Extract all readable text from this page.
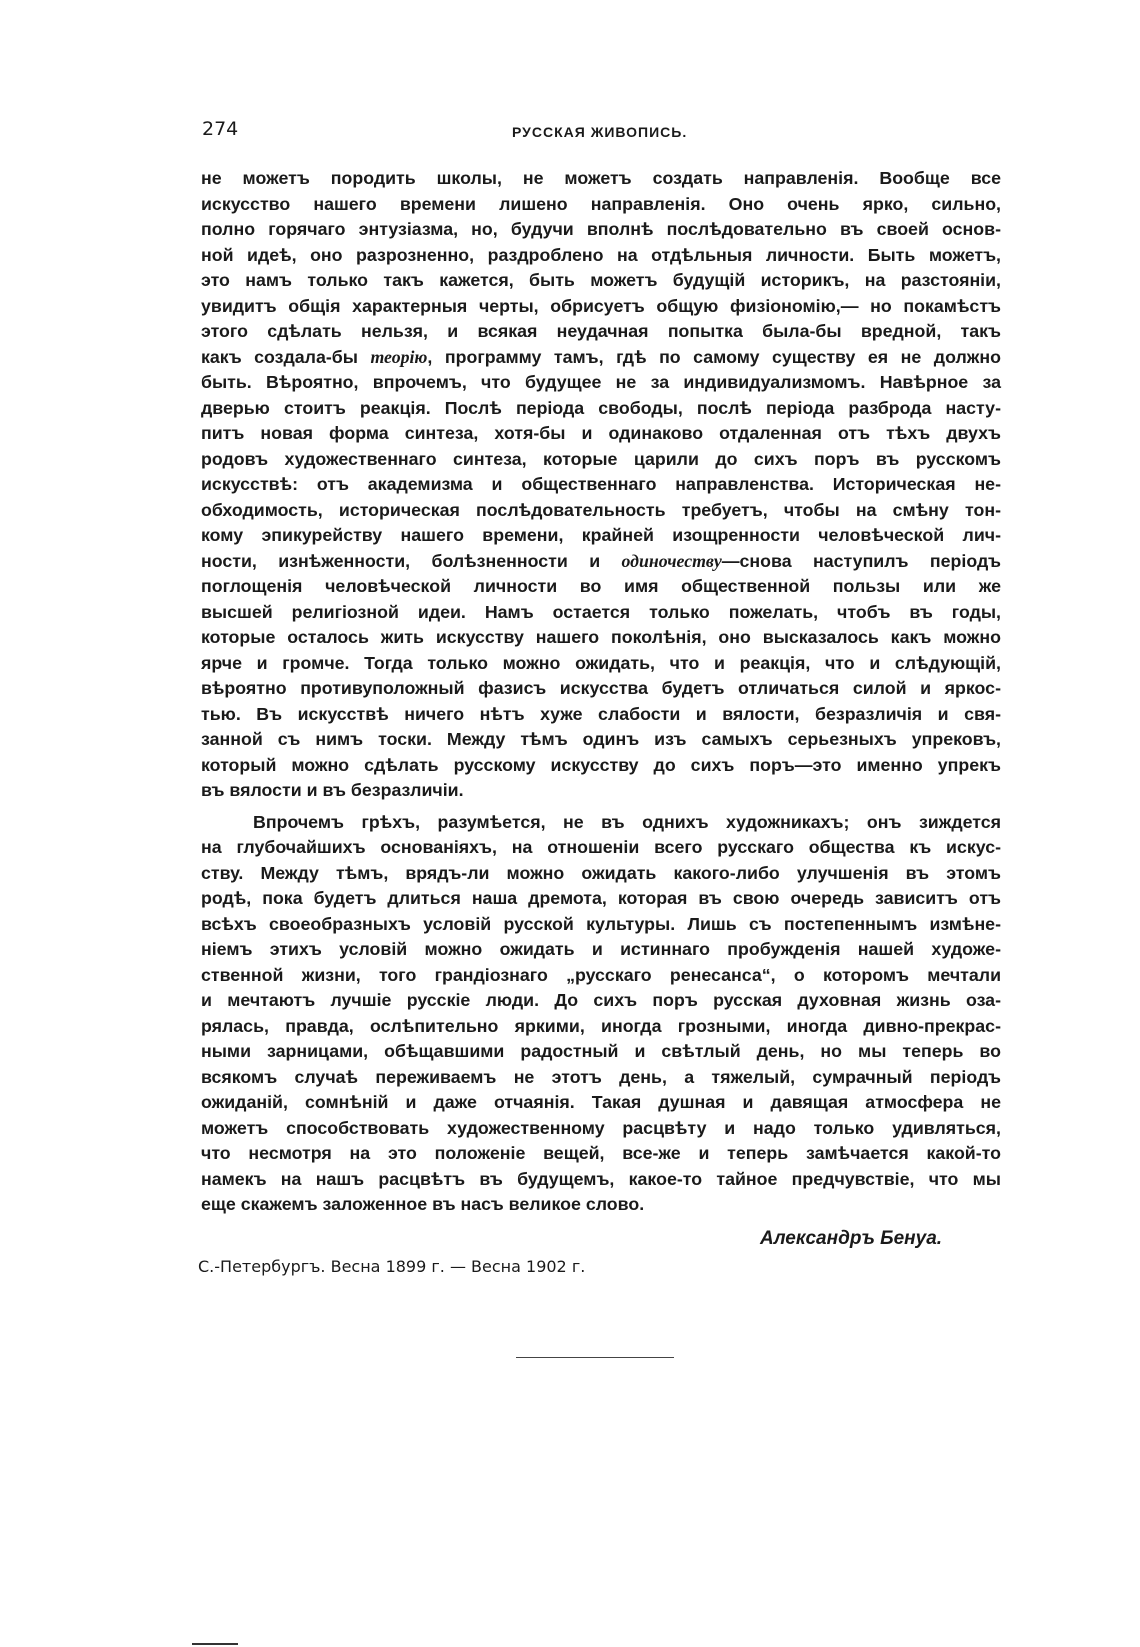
274	РУССКАЯ ЖИВОПИСЬ.
не можетъ породить школы, не можетъ создать направленія. Вообще все
искусство нашего времени лишено направленія. Оно очень ярко, сильно,
полно горячаго энтузіазма, но, будучи вполнѣ послѣдовательно въ своей основ-
ной идеѣ, оно разрозненно, раздроблено на отдѣльныя личности. Быть можетъ,
это намъ только такъ кажется, быть можетъ будущій историкъ, на разстояніи,
увидитъ общія характерныя черты, обрисуетъ общую физіономію,— но покамѣстъ
этого сдѣлать нельзя, и всякая неудачная попытка была-бы вредной, такъ
какъ создала-бы теорію, программу тамъ, гдѣ по самому существу ея не должно
быть. Вѣроятно, впрочемъ, что будущее не за индивидуализмомъ. Навѣрное за
дверью стоитъ реакція. Послѣ періода свободы, послѣ періода разброда насту-
питъ новая форма синтеза, хотя-бы и одинаково отдаленная отъ тѣхъ двухъ
родовъ художественнаго синтеза, которые царили до сихъ поръ въ русскомъ
искусствѣ: отъ академизма и общественнаго направленства. Историческая не-
обходимость, историческая послѣдовательность требуетъ, чтобы на смѣну тон-
кому эпикурейству нашего времени, крайней изощренности человѣческой лич-
ности, изнѣженности, болѣзненности и одиночеству—снова наступилъ періодъ
поглощенія человѣческой личности во имя общественной пользы или же
высшей религіозной идеи. Намъ остается только пожелать, чтобъ въ годы,
которые осталось жить искусству нашего поколѣнія, оно высказалось какъ можно
ярче и громче. Тогда только можно ожидать, что и реакція, что и слѣдующій,
вѣроятно противуположный фазисъ искусства будетъ отличаться силой и яркос-
тью. Въ искусствѣ ничего нѣтъ хуже слабости и вялости, безразличія и свя-
занной съ нимъ тоски. Между тѣмъ одинъ изъ самыхъ серьезныхъ упрековъ,
который можно сдѣлать русскому искусству до сихъ поръ—это именно упрекъ
въ вялости и въ безразличіи.
Впрочемъ грѣхъ, разумѣется, не въ однихъ художникахъ; онъ зиждется
на глубочайшихъ основаніяхъ, на отношеніи всего русскаго общества къ искус-
ству. Между тѣмъ, врядъ-ли можно ожидать какого-либо улучшенія въ этомъ
родѣ, пока будетъ длиться наша дремота, которая въ свою очередь зависитъ отъ
всѣхъ своеобразныхъ условій русской культуры. Лишь съ постепеннымъ измѣне-
ніемъ этихъ условій можно ожидать и истиннаго пробужденія нашей художе-
ственной жизни, того грандіознаго „русскаго ренесанса“, о которомъ мечтали
и мечтаютъ лучшіе русскіе люди. До сихъ поръ русская духовная жизнь оза-
рялась, правда, ослѣпительно яркими, иногда грозными, иногда дивно-прекрас-
ными зарницами, обѣщавшими радостный и свѣтлый день, но мы теперь во
всякомъ случаѣ переживаемъ не этотъ день, а тяжелый, сумрачный періодъ
ожиданій, сомнѣній и даже отчаянія. Такая душная и давящая атмосфера не
можетъ способствовать художественному расцвѣту и надо только удивляться,
что несмотря на это положеніе вещей, все-же и теперь замѣчается какой-то
намекъ на нашъ расцвѣтъ въ будущемъ, какое-то тайное предчувствіе, что мы
еще скажемъ заложенное въ насъ великое слово.
Александръ Бенуа.
С.-Петербургъ. Весна 1899 г. — Весна 1902 г.
